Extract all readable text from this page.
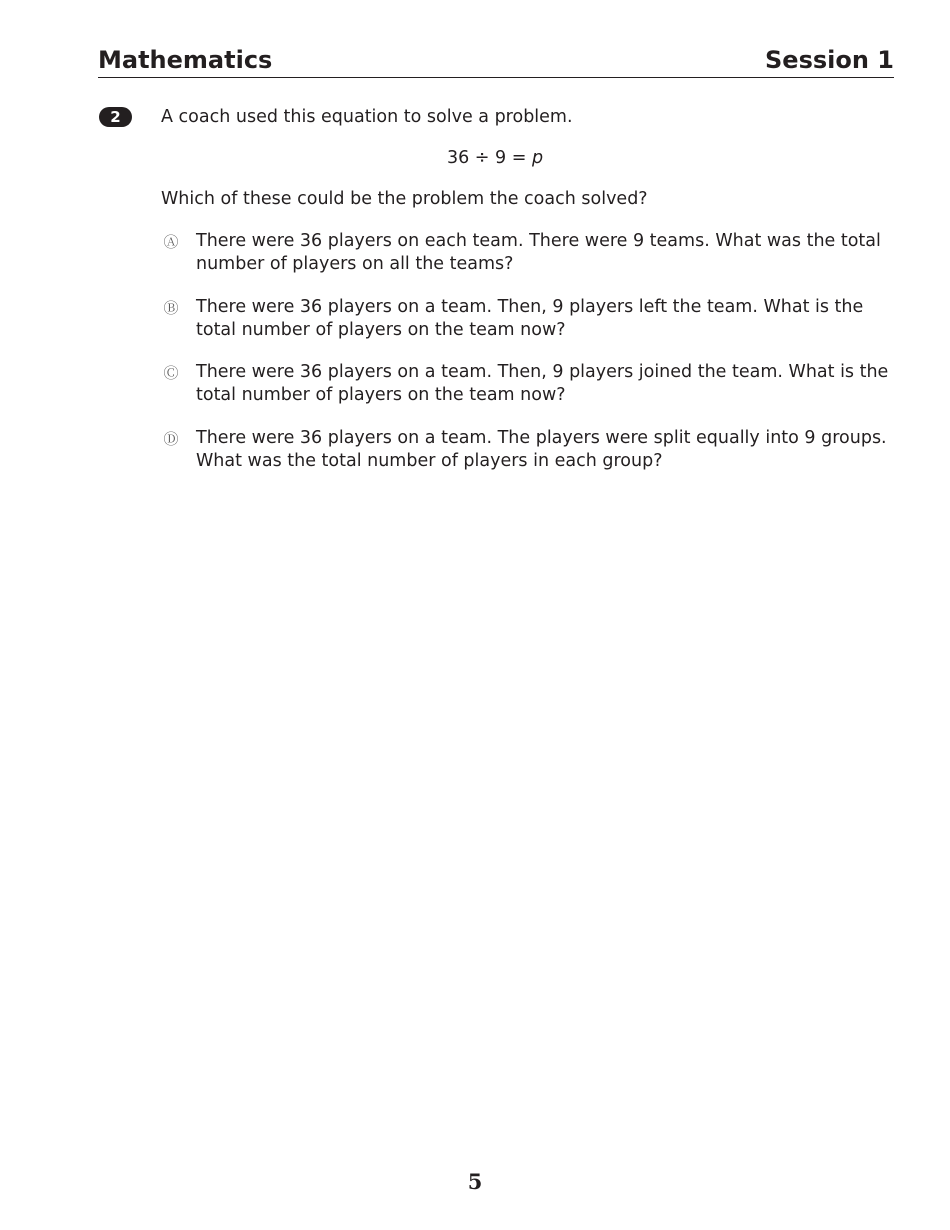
Mathematics	Session 1
2	A coach used this equation to solve a problem.
36 ÷ 9 = p
Which of these could be the problem the coach solved?
Ⓐ There were 36 players on each team. There were 9 teams. What was the total number of players on all the teams?
Ⓑ There were 36 players on a team. Then, 9 players left the team. What is the total number of players on the team now?
Ⓒ There were 36 players on a team. Then, 9 players joined the team. What is the total number of players on the team now?
Ⓓ There were 36 players on a team. The players were split equally into 9 groups. What was the total number of players in each group?
5
